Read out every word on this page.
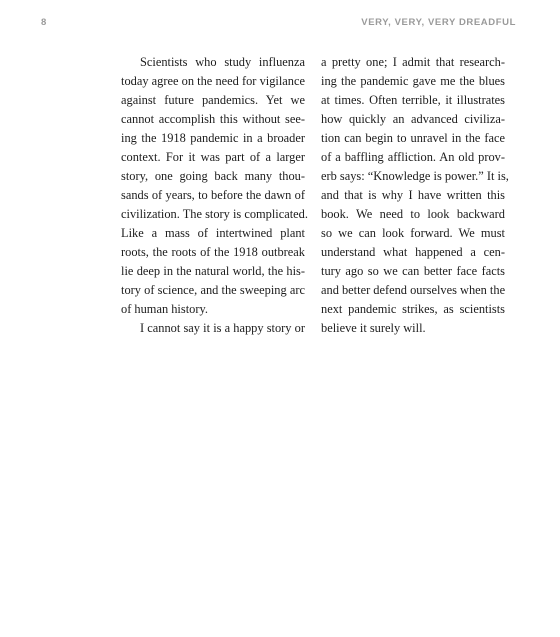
8	VERY, VERY, VERY DREADFUL

Scientists who study influenza
today agree on the need for vigilance
against future pandemics. Yet we
cannot accomplish this without see-
ing the 1918 pandemic in a broader
context. For it was part of a larger
story, one going back many thou-
sands of years, to before the dawn of
civilization. The story is complicated.
Like a mass of intertwined plant
roots, the roots of the 1918 outbreak
lie deep in the natural world, the his-
tory of science, and the sweeping arc
of human history.

I cannot say it is a happy story or

a pretty one; I admit that research-
ing the pandemic gave me the blues
at times. Often terrible, it illustrates
how quickly an advanced civiliza-
tion can begin to unravel in the face
of a baffling affliction. An old prov-
erb says: “Knowledge is power.” It is,
and that is why I have written this
book. We need to look backward
so we can look forward. We must
understand what happened a cen-
tury ago so we can better face facts
and better defend ourselves when the
next pandemic strikes, as scientists
believe it surely will.
